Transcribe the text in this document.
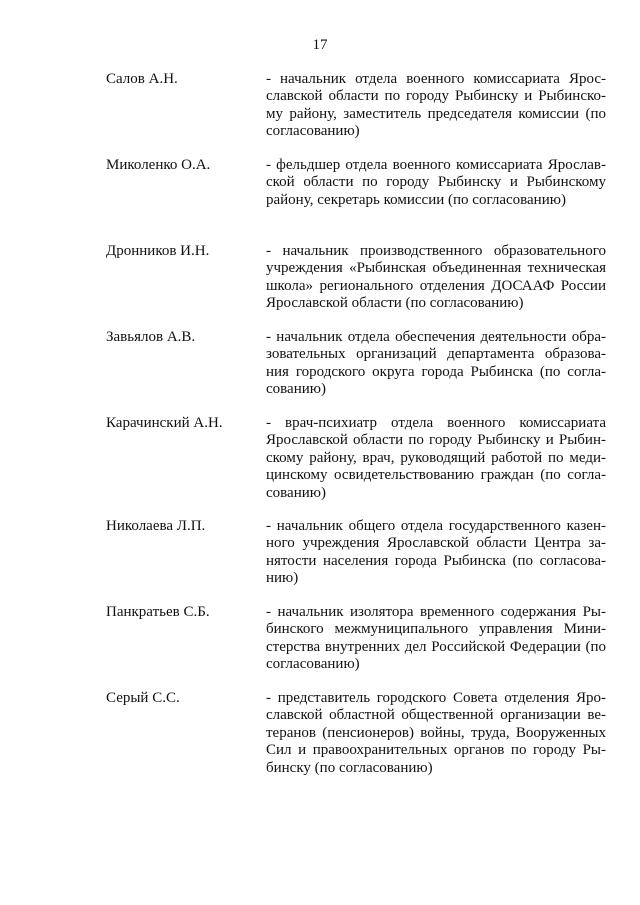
17
Салов А.Н.	- начальник отдела военного комиссариата Ярос-
славской области по городу Рыбинску и Рыбинско-
му району, заместитель председателя комиссии (по
согласованию)
Миколенко О.А.	- фельдшер отдела военного комиссариата Ярослав-
ской области по городу Рыбинску и Рыбинскому
району, секретарь комиссии (по согласованию)
Дронников И.Н.	- начальник производственного образовательного
учреждения «Рыбинская объединенная техническая
школа» регионального отделения ДОСААФ России
Ярославской области (по согласованию)
Завьялов А.В.	- начальник отдела обеспечения деятельности обра-
зовательных организаций департамента образова-
ния городского округа города Рыбинска (по согла-
сованию)
Карачинский А.Н.	- врач-психиатр отдела военного комиссариата
Ярославской области по городу Рыбинску и Рыбин-
скому району, врач, руководящий работой по меди-
цинскому освидетельствованию граждан (по согла-
сованию)
Николаева Л.П.	- начальник общего отдела государственного казен-
ного учреждения Ярославской области Центра за-
нятости населения города Рыбинска (по согласова-
нию)
Панкратьев С.Б.	- начальник изолятора временного содержания Ры-
бинского межмуниципального управления Мини-
стерства внутренних дел Российской Федерации (по
согласованию)
Серый С.С.	- представитель городского Совета отделения Яро-
славской областной общественной организации ве-
теранов (пенсионеров) войны, труда, Вооруженных
Сил и правоохранительных органов по городу Ры-
бинску (по согласованию)
